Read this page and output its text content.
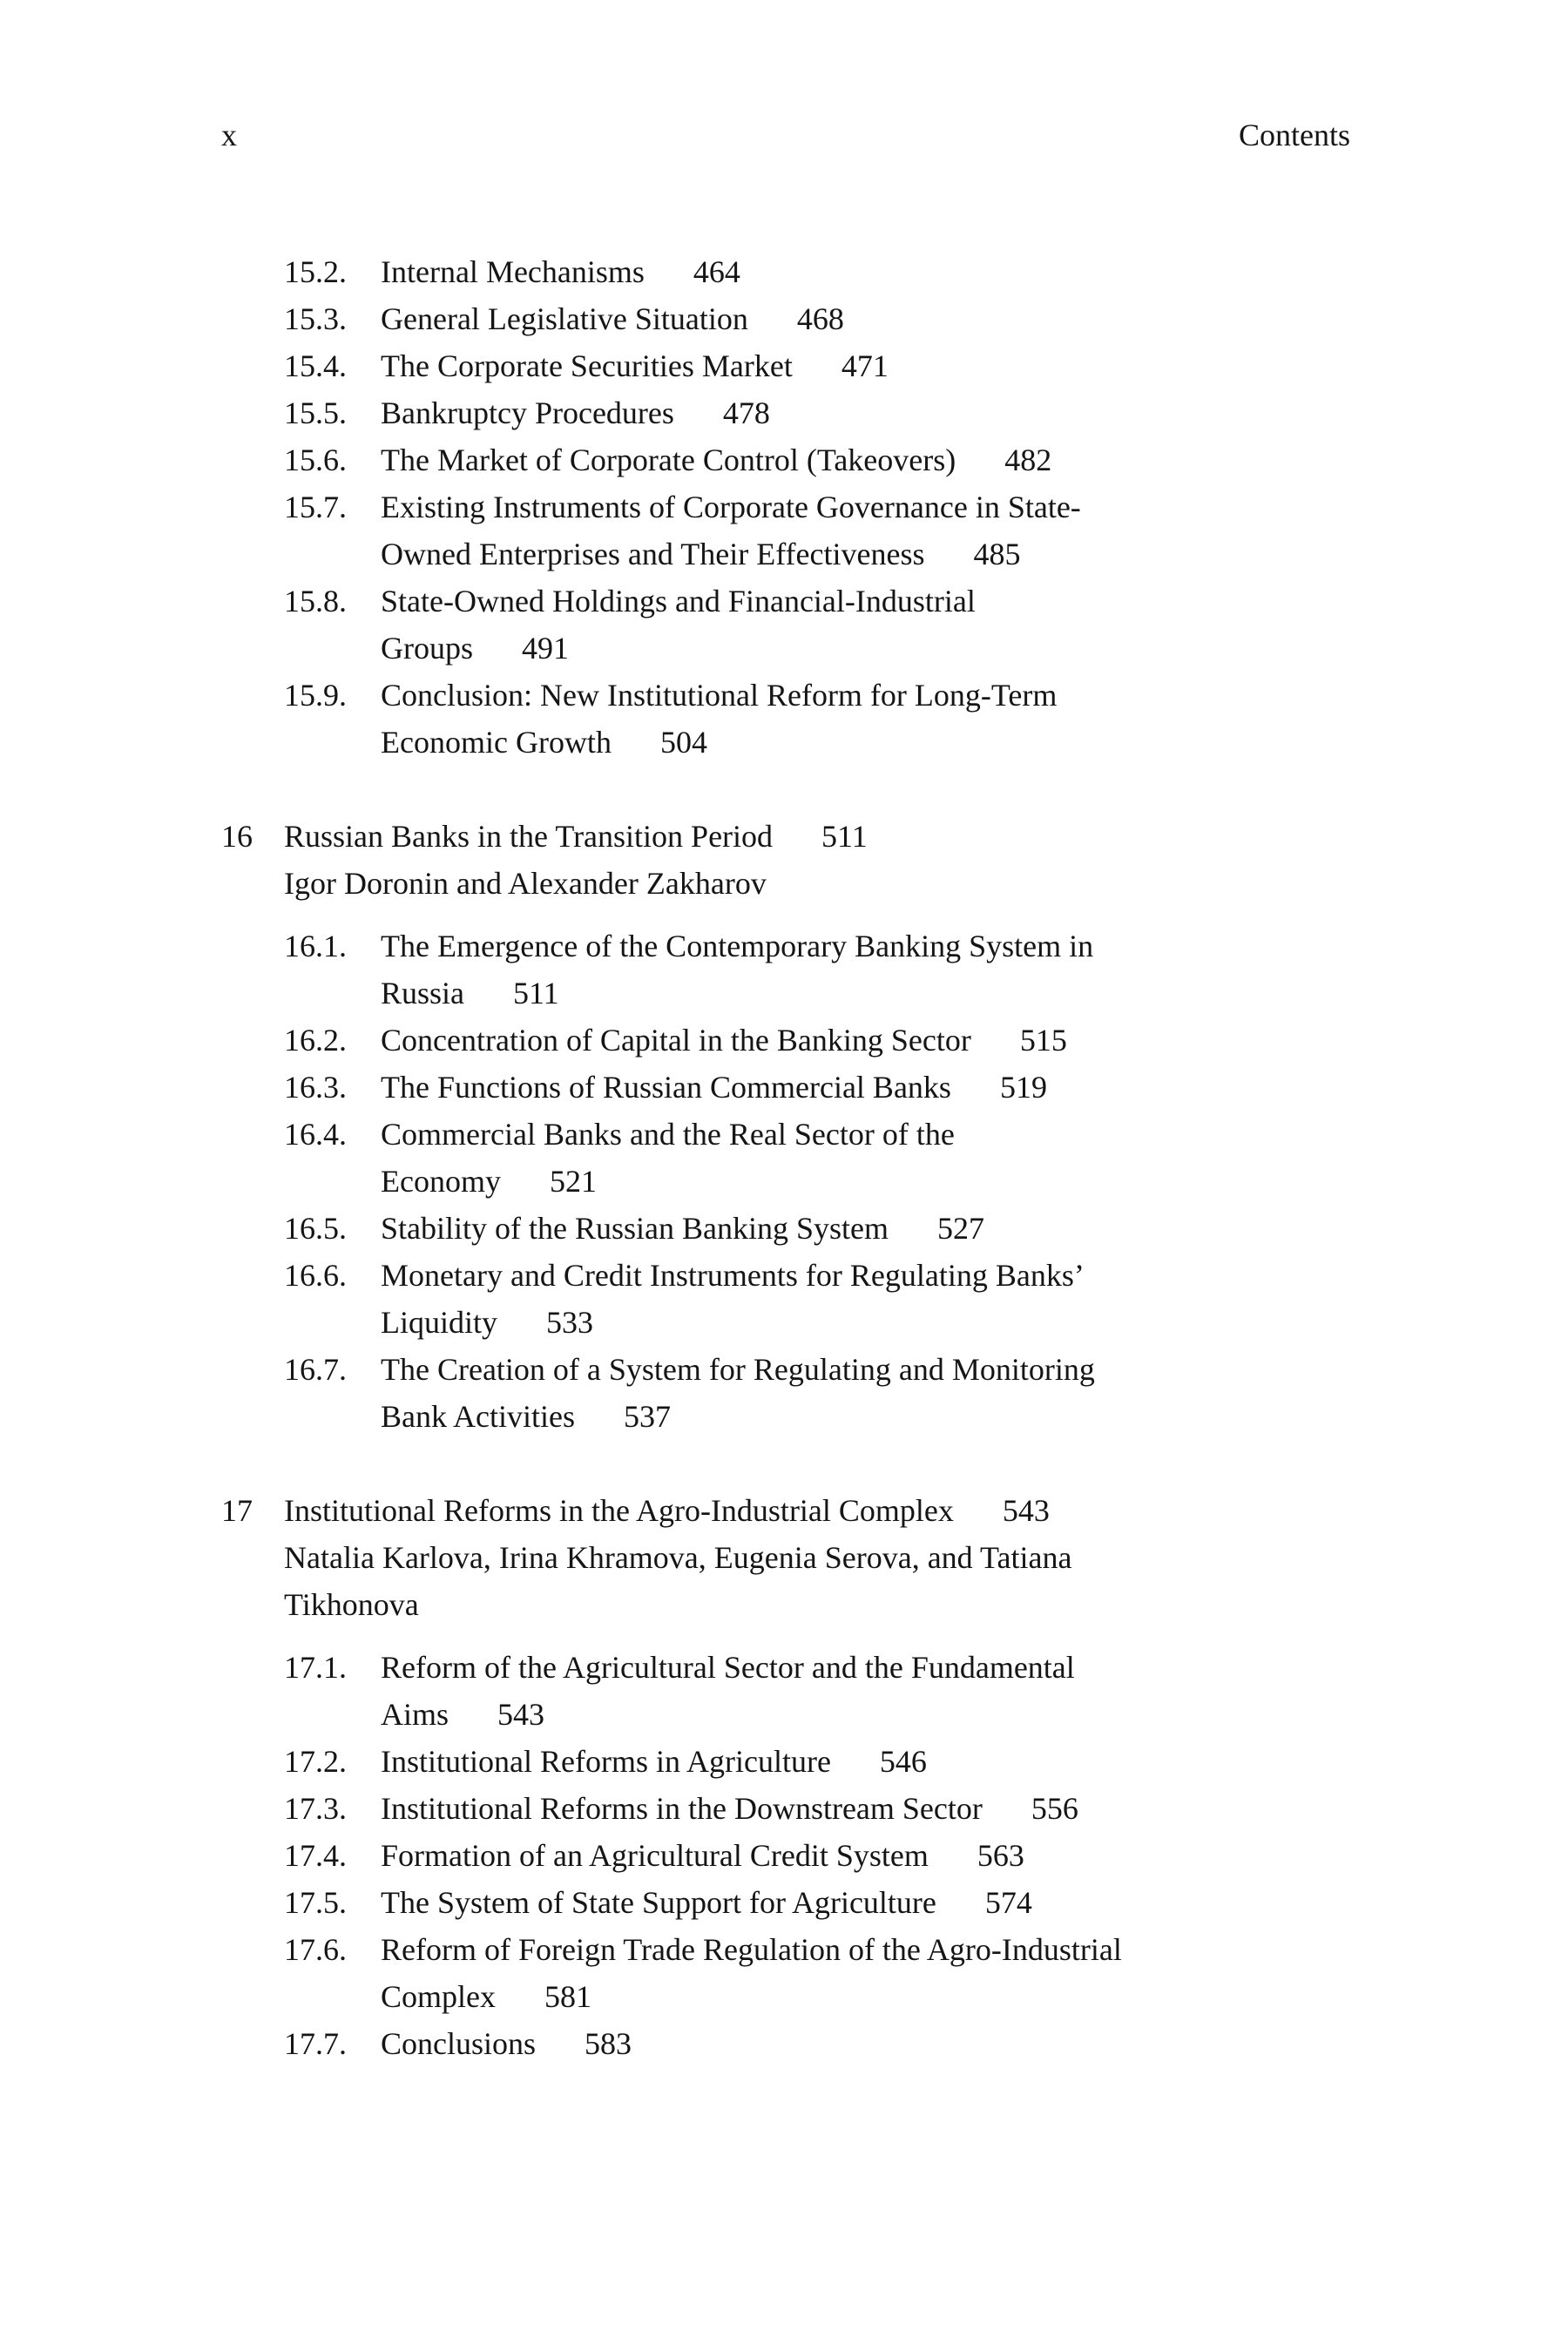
x	Contents
15.2.	Internal Mechanisms 464
15.3.	General Legislative Situation 468
15.4.	The Corporate Securities Market 471
15.5.	Bankruptcy Procedures 478
15.6.	The Market of Corporate Control (Takeovers) 482
15.7.	Existing Instruments of Corporate Governance in State-
Owned Enterprises and Their Effectiveness 485
15.8.	State-Owned Holdings and Financial-Industrial
Groups 491
15.9.	Conclusion: New Institutional Reform for Long-Term
Economic Growth 504
16	Russian Banks in the Transition Period 511
Igor Doronin and Alexander Zakharov
16.1.	The Emergence of the Contemporary Banking System in
Russia 511
16.2.	Concentration of Capital in the Banking Sector 515
16.3.	The Functions of Russian Commercial Banks 519
16.4.	Commercial Banks and the Real Sector of the
Economy 521
16.5.	Stability of the Russian Banking System 527
16.6.	Monetary and Credit Instruments for Regulating Banks’
Liquidity 533
16.7.	The Creation of a System for Regulating and Monitoring
Bank Activities 537
17	Institutional Reforms in the Agro-Industrial Complex 543
Natalia Karlova, Irina Khramova, Eugenia Serova, and Tatiana
Tikhonova
17.1.	Reform of the Agricultural Sector and the Fundamental
Aims 543
17.2.	Institutional Reforms in Agriculture 546
17.3.	Institutional Reforms in the Downstream Sector 556
17.4.	Formation of an Agricultural Credit System 563
17.5.	The System of State Support for Agriculture 574
17.6.	Reform of Foreign Trade Regulation of the Agro-Industrial
Complex 581
17.7.	Conclusions 583
